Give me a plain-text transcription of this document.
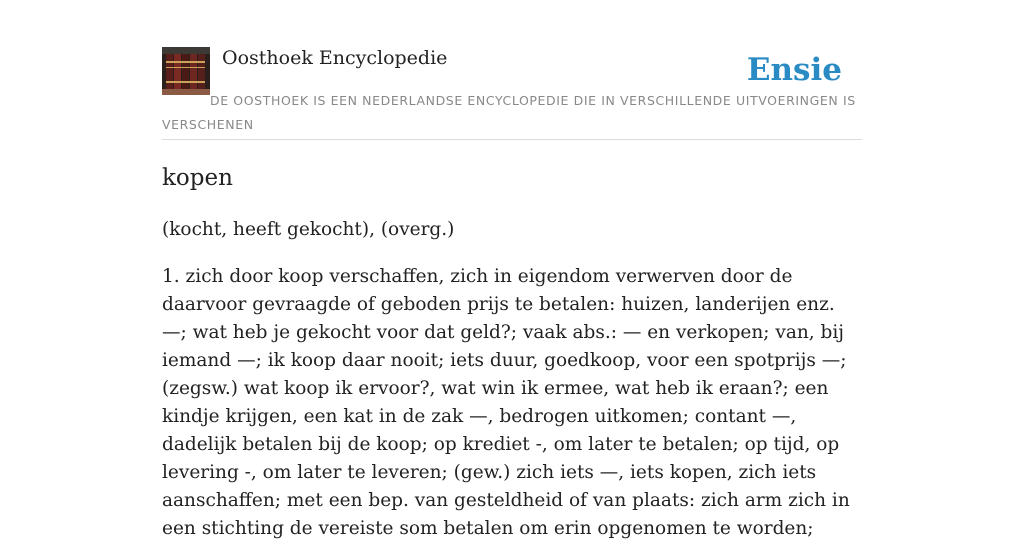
Oosthoek Encyclopedie	Ensie
DE OOSTHOEK IS EEN NEDERLANDSE ENCYCLOPEDIE DIE IN VERSCHILLENDE UITVOERINGEN IS VERSCHENEN
kopen
(kocht, heeft gekocht), (overg.)
1. zich door koop verschaffen, zich in eigendom verwerven door de daarvoor gevraagde of geboden prijs te betalen: huizen, landerijen enz. —; wat heb je gekocht voor dat geld?; vaak abs.: — en verkopen; van, bij iemand —; ik koop daar nooit; iets duur, goedkoop, voor een spotprijs —; (zegsw.) wat koop ik ervoor?, wat win ik ermee, wat heb ik eraan?; een kindje krijgen, een kat in de zak —, bedrogen uitkomen; contant —, dadelijk betalen bij de koop; op krediet -, om later te betalen; op tijd, op levering -, om later te leveren; (gew.) zich iets —, iets kopen, zich iets aanschaffen; met een bep. van gesteldheid of van plaats: zich arm zich in een stichting de vereiste som betalen om erin opgenomen te worden;
